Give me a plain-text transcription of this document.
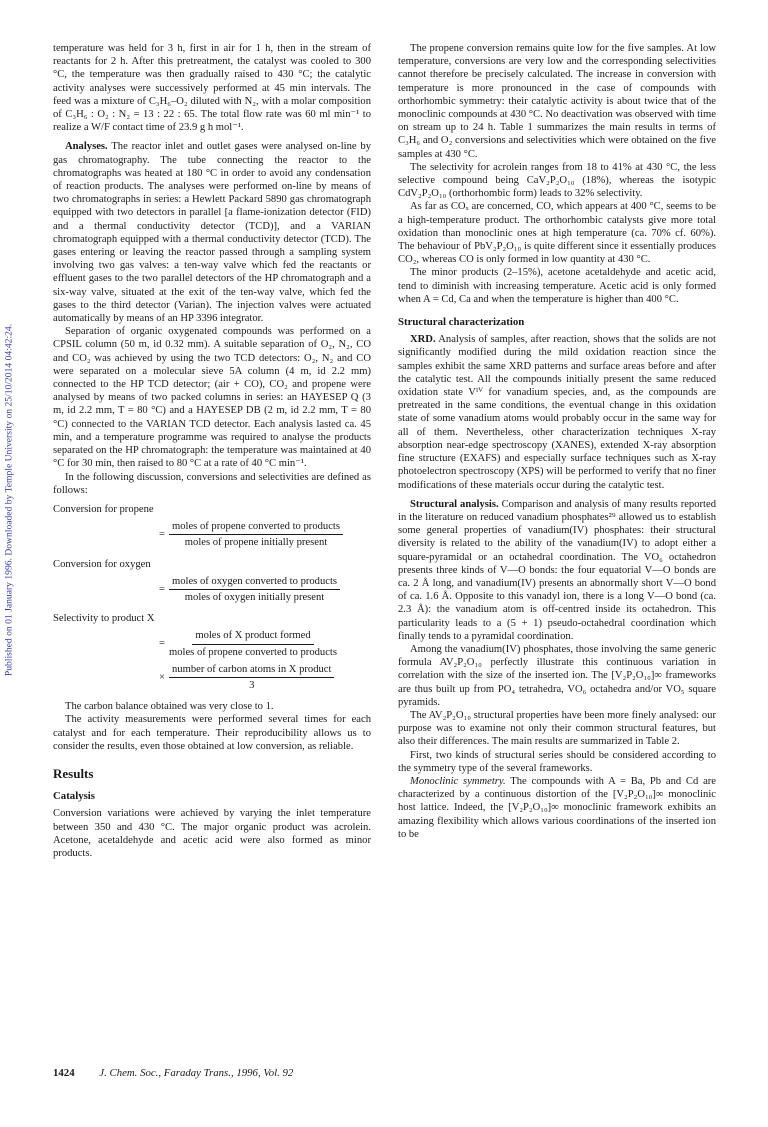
Published on 01 January 1996. Downloaded by Temple University on 25/10/2014 04:42:24.

temperature was held for 3 h, first in air for 1 h, then in the stream of reactants for 2 h. After this pretreatment, the catalyst was cooled to 300 °C, the temperature was then gradually raised to 430 °C; the catalytic activity analyses were successively performed at 45 min intervals. The feed was a mixture of C₃H₆–O₂ diluted with N₂, with a molar composition of C₃H₆ : O₂ : N₂ = 13 : 22 : 65. The total flow rate was 60 ml min⁻¹ to realize a W/F contact time of 23.9 g h mol⁻¹.

Analyses. The reactor inlet and outlet gases were analysed on-line by gas chromatography. The tube connecting the reactor to the chromatographs was heated at 180 °C in order to avoid any condensation of reaction products. The analyses were performed on-line by means of two chromatographs in series: a Hewlett Packard 5890 gas chromatograph equipped with two detectors in parallel [a flame-ionization detector (FID) and a thermal conductivity detector (TCD)], and a VARIAN chromatograph equipped with a thermal conductivity detector (TCD). The gases entering or leaving the reactor passed through a sampling system involving two gas valves: a ten-way valve which fed the reactants or effluent gases to the two parallel detectors of the HP chromatograph and a six-way valve, situated at the exit of the ten-way valve, which fed the gases to the third detector (Varian). The injection valves were actuated automatically by means of an HP 3396 integrator.

Separation of organic oxygenated compounds was performed on a CPSIL column (50 m, id 0.32 mm). A suitable separation of O₂, N₂, CO and CO₂ was achieved by using the two TCD detectors: O₂, N₂ and CO were separated on a molecular sieve 5A column (4 m, id 2.2 mm) connected to the HP TCD detector; (air + CO), CO₂ and propene were analysed by means of two packed columns in series: an HAYESEP Q (3 m, id 2.2 mm, T = 80 °C) and a HAYESEP DB (2 m, id 2.2 mm, T = 80 °C) connected to the VARIAN TCD detector. Each analysis lasted ca. 45 min, and a temperature programme was required to analyse the products separated on the HP chromatograph: the temperature was maintained at 40 °C for 30 min, then raised to 80 °C at a rate of 40 °C min⁻¹.

In the following discussion, conversions and selectivities are defined as follows:

Conversion for propene
= $\frac{\text{moles of propene converted to products}}{\text{moles of propene initially present}}$
Conversion for oxygen
= $\frac{\text{moles of oxygen converted to products}}{\text{moles of oxygen initially present}}$
Selectivity to product X
= $\frac{\text{moles of X product formed}}{\text{moles of propene converted to products}}$
× $\frac{\text{number of carbon atoms in X product}}{3}$

The carbon balance obtained was very close to 1.

The activity measurements were performed several times for each catalyst and for each temperature. Their reproducibility allows us to consider the results, even those obtained at low conversion, as reliable.

Results
Catalysis

Conversion variations were achieved by varying the inlet temperature between 350 and 430 °C. The major organic product was acrolein. Acetone, acetaldehyde and acetic acid were also formed as minor products.

The propene conversion remains quite low for the five samples. At low temperature, conversions are very low and the corresponding selectivities cannot therefore be precisely calculated. The increase in conversion with temperature is more pronounced in the case of compounds with orthorhombic symmetry: their catalytic activity is about twice that of the monoclinic compounds at 430 °C. No deactivation was observed with time on stream up to 24 h. Table 1 summarizes the main results in terms of C₃H₆ and O₂ conversions and selectivities which were obtained on the five samples at 430 °C.

The selectivity for acrolein ranges from 18 to 41% at 430 °C, the less selective compound being CaV₂P₂O₁₀ (18%), whereas the isotypic CdV₂P₂O₁₀ (orthorhombic form) leads to 32% selectivity.

As far as COₓ are concerned, CO, which appears at 400 °C, seems to be a high-temperature product. The orthorhombic catalysts give more total oxidation than monoclinic ones at high temperature (ca. 70% cf. 60%). The behaviour of PbV₂P₂O₁₀ is quite different since it essentially produces CO₂, whereas CO is only formed in low quantity at 430 °C.

The minor products (2–15%), acetone acetaldehyde and acetic acid, tend to diminish with increasing temperature. Acetic acid is only formed when A = Cd, Ca and when the temperature is higher than 400 °C.

Structural characterization

XRD. Analysis of samples, after reaction, shows that the solids are not significantly modified during the mild oxidation reaction since the samples exhibit the same XRD patterns and surface areas before and after the catalytic test. All the compounds initially present the same reduced oxidation state Vᴵⱽ for vanadium species, and, as the compounds are pretreated in the same conditions, the eventual change in this oxidation state of some vanadium atoms would probably occur in the same way for all of them. Nevertheless, other characterization techniques X-ray absorption near-edge spectroscopy (XANES), extended X-ray absorption fine structure (EXAFS) and especially surface techniques such as X-ray photoelectron spectroscopy (XPS) will be performed to verify that no finer modifications of these materials occur during the catalytic test.

Structural analysis. Comparison and analysis of many results reported in the literature on reduced vanadium phosphates²⁹ allowed us to establish some general properties of vanadium(IV) phosphates: their structural diversity is related to the ability of the vanadium(IV) to adopt either a square-pyramidal or an octahedral coordination. The VO₆ octahedron presents three kinds of V—O bonds: the four equatorial V—O bonds are ca. 2 Å long, and vanadium(IV) presents an abnormally short V—O bond of ca. 1.6 Å. Opposite to this vanadyl ion, there is a long V—O bond (ca. 2.3 Å): the vanadium atom is off-centred inside its octahedron. This particularity leads to a (5 + 1) pseudo-octahedral coordination which finally tends to a pyramidal coordination.

Among the vanadium(IV) phosphates, those involving the same generic formula AV₂P₂O₁₀ perfectly illustrate this continuous variation in correlation with the size of the inserted ion. The [V₂P₂O₁₀]∞ frameworks are thus built up from PO₄ tetrahedra, VO₆ octahedra and/or VO₅ square pyramids.

The AV₂P₂O₁₀ structural properties have been more finely analysed: our purpose was to examine not only their common structural features, but also their differences. The main results are summarized in Table 2.

First, two kinds of structural series should be considered according to the symmetry type of the several frameworks.

Monoclinic symmetry. The compounds with A = Ba, Pb and Cd are characterized by a continuous distortion of the [V₂P₂O₁₀]∞ monoclinic host lattice. Indeed, the [V₂P₂O₁₀]∞ monoclinic framework exhibits an amazing flexibility which allows various coordinations of the inserted ion to be

1424 J. Chem. Soc., Faraday Trans., 1996, Vol. 92
